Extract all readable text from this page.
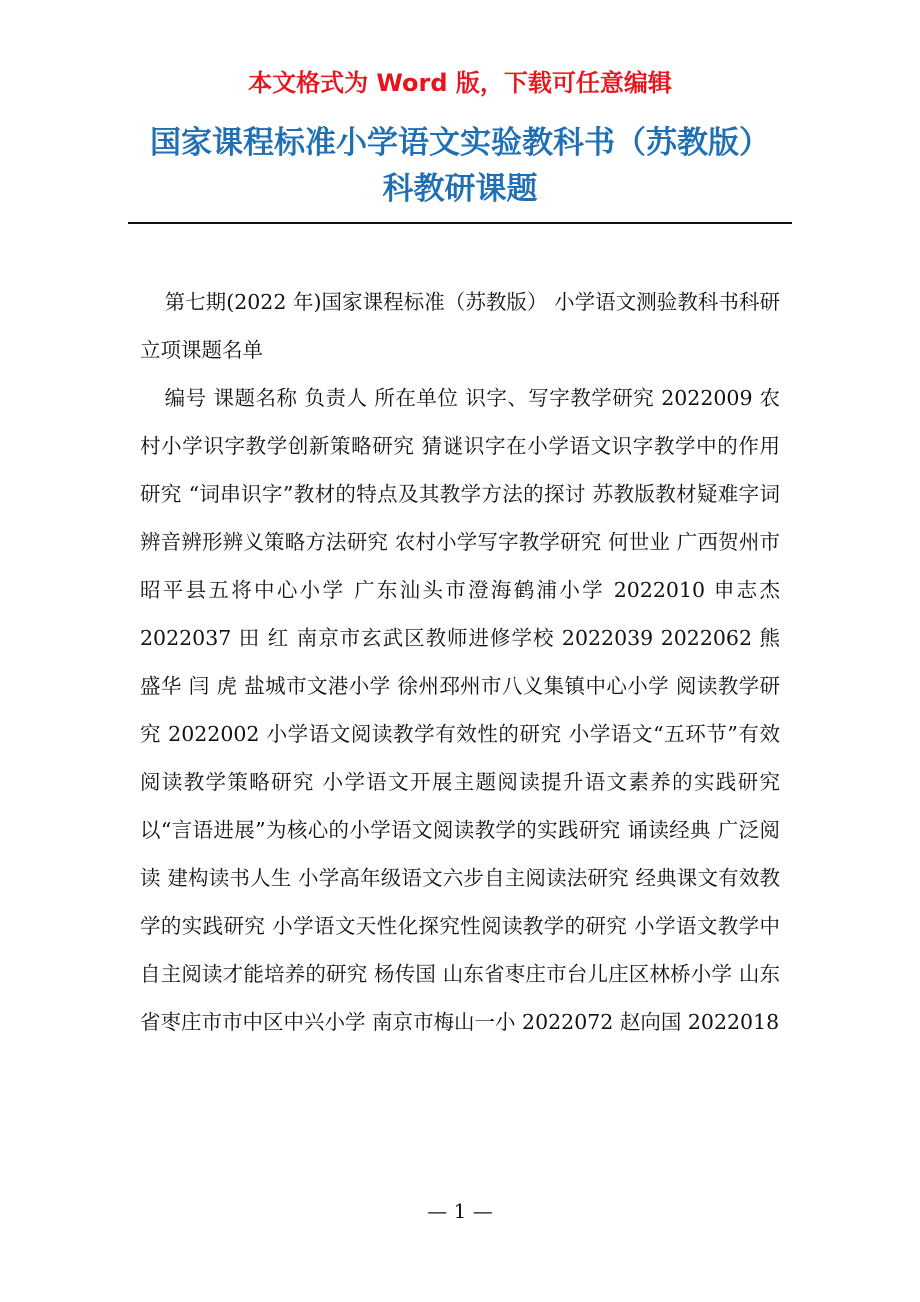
本文格式为 Word 版，下载可任意编辑
国家课程标准小学语文实验教科书（苏教版）
科教研课题

第七期(2022 年)国家课程标准（苏教版） 小学语文测验教科书科研立项课题名单

编号 课题名称 负责人 所在单位 识字、写字教学研究 2022009 农村小学识字教学创新策略研究 猜谜识字在小学语文识字教学中的作用研究 “词串识字”教材的特点及其教学方法的探讨 苏教版教材疑难字词辨音辨形辨义策略方法研究 农村小学写字教学研究 何世业 广西贺州市昭平县五将中心小学 广东汕头市澄海鹤浦小学 2022010 申志杰 2022037 田 红 南京市玄武区教师进修学校 2022039 2022062 熊盛华 闫 虎 盐城市文港小学 徐州邳州市八义集镇中心小学 阅读教学研究 2022002 小学语文阅读教学有效性的研究 小学语文“五环节”有效阅读教学策略研究 小学语文开展主题阅读提升语文素养的实践研究 以“言语进展”为核心的小学语文阅读教学的实践研究 诵读经典 广泛阅读 建构读书人生 小学高年级语文六步自主阅读法研究 经典课文有效教学的实践研究 小学语文天性化探究性阅读教学的研究 小学语文教学中自主阅读才能培养的研究 杨传国 山东省枣庄市台儿庄区林桥小学 山东省枣庄市市中区中兴小学 南京市梅山一小 2022072 赵向国 2022018

— 1 —
